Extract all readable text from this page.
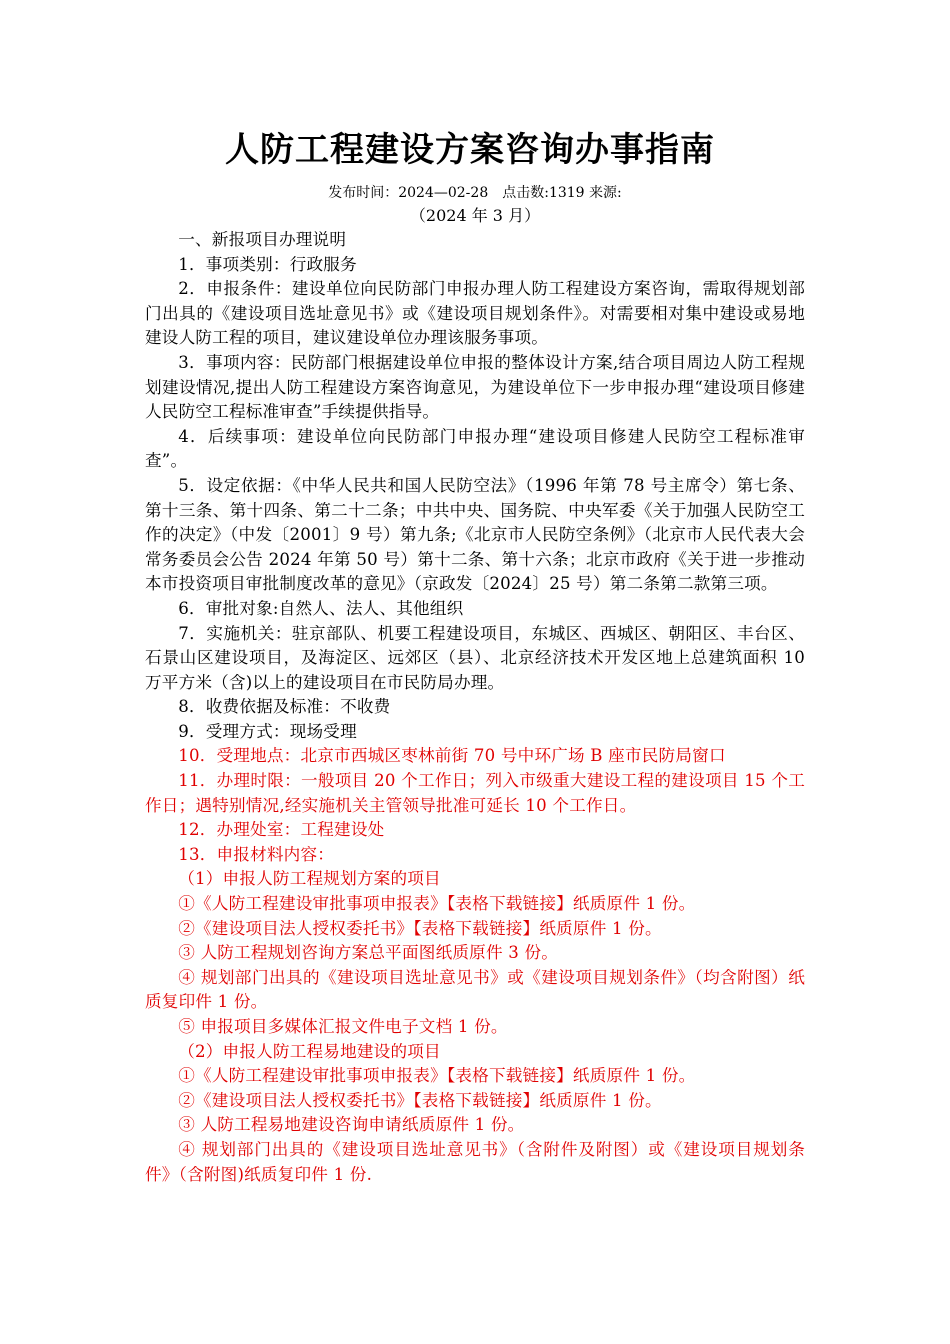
人防工程建设方案咨询办事指南

发布时间：2024—02-28　点击数:1319 来源:

（2024 年 3 月）

一、新报项目办理说明

1．事项类别：行政服务

2．申报条件：建设单位向民防部门申报办理人防工程建设方案咨询，需取得规划部门出具的《建设项目选址意见书》或《建设项目规划条件》。对需要相对集中建设或易地建设人防工程的项目，建议建设单位办理该服务事项。

3．事项内容：民防部门根据建设单位申报的整体设计方案,结合项目周边人防工程规划建设情况,提出人防工程建设方案咨询意见，为建设单位下一步申报办理“建设项目修建人民防空工程标准审查”手续提供指导。

4．后续事项：建设单位向民防部门申报办理“建设项目修建人民防空工程标准审查”。

5．设定依据：《中华人民共和国人民防空法》（1996 年第 78 号主席令）第七条、第十三条、第十四条、第二十二条；中共中央、国务院、中央军委《关于加强人民防空工作的决定》（中发〔2001〕9 号）第九条;《北京市人民防空条例》（北京市人民代表大会常务委员会公告 2024 年第 50 号）第十二条、第十六条；北京市政府《关于进一步推动本市投资项目审批制度改革的意见》（京政发〔2024〕25 号）第二条第二款第三项。

6．审批对象:自然人、法人、其他组织

7．实施机关：驻京部队、机要工程建设项目，东城区、西城区、朝阳区、丰台区、石景山区建设项目，及海淀区、远郊区（县）、北京经济技术开发区地上总建筑面积 10 万平方米（含)以上的建设项目在市民防局办理。

8．收费依据及标准：不收费

9．受理方式：现场受理

10．受理地点：北京市西城区枣林前街 70 号中环广场 B 座市民防局窗口

11．办理时限：一般项目 20 个工作日；列入市级重大建设工程的建设项目 15 个工作日；遇特别情况,经实施机关主管领导批准可延长 10 个工作日。

12．办理处室：工程建设处

13．申报材料内容：

（1）申报人防工程规划方案的项目

①《人防工程建设审批事项申报表》【表格下载链接】纸质原件 1 份。

②《建设项目法人授权委托书》【表格下载链接】纸质原件 1 份。

③ 人防工程规划咨询方案总平面图纸质原件 3 份。

④ 规划部门出具的《建设项目选址意见书》或《建设项目规划条件》（均含附图）纸质复印件 1 份。

⑤ 申报项目多媒体汇报文件电子文档 1 份。

（2）申报人防工程易地建设的项目

①《人防工程建设审批事项申报表》【表格下载链接】纸质原件 1 份。

②《建设项目法人授权委托书》【表格下载链接】纸质原件 1 份。

③ 人防工程易地建设咨询申请纸质原件 1 份。

④ 规划部门出具的《建设项目选址意见书》（含附件及附图）或《建设项目规划条件》（含附图)纸质复印件 1 份.
